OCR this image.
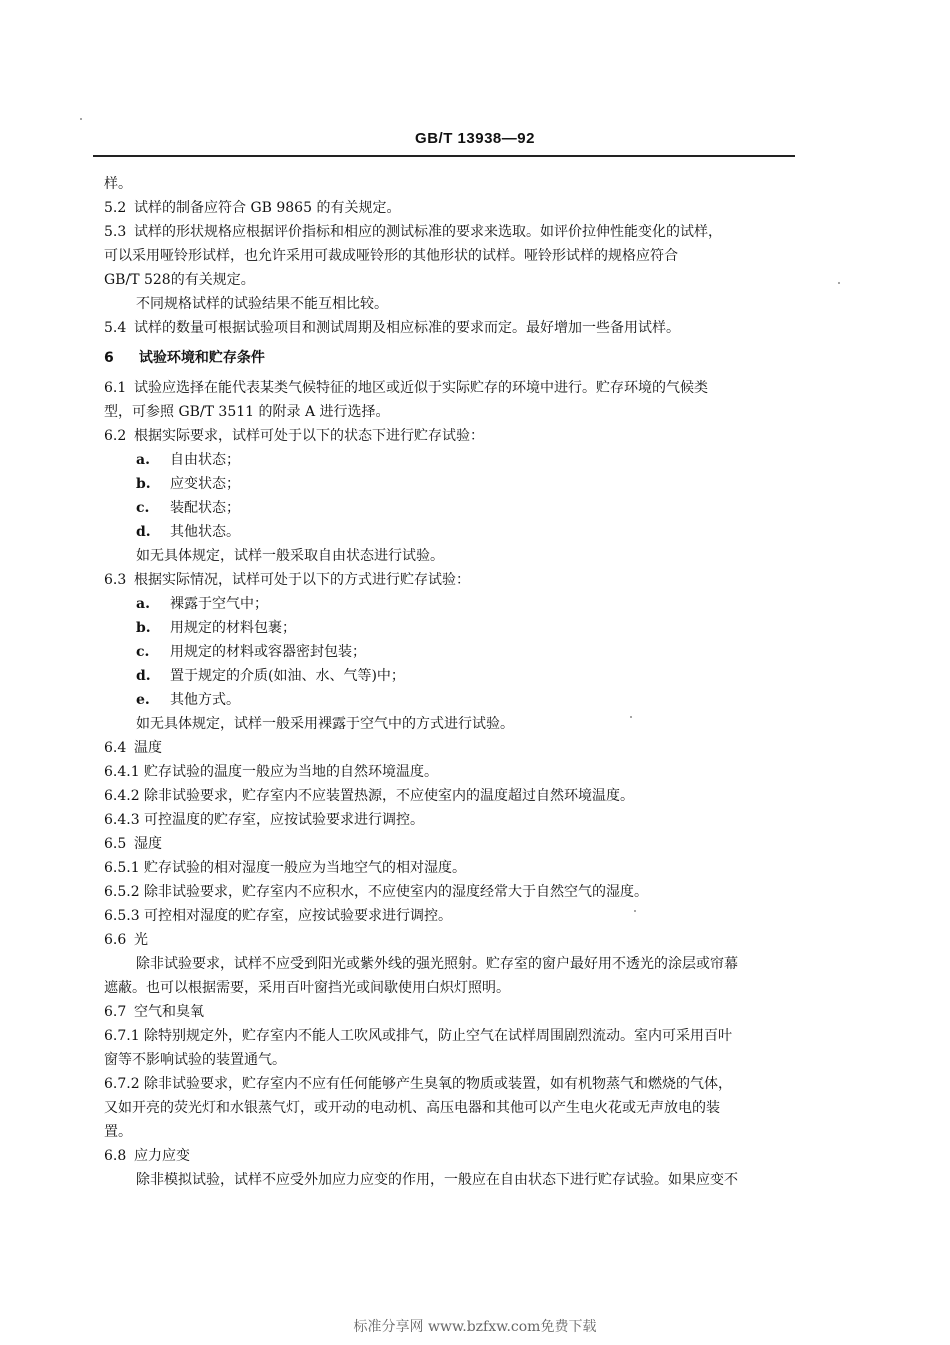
GB/T 13938—92
样。
5.2 试样的制备应符合 GB 9865 的有关规定。
5.3 试样的形状规格应根据评价指标和相应的测试标准的要求来选取。如评价拉伸性能变化的试样，
可以采用哑铃形试样，也允许采用可裁成哑铃形的其他形状的试样。哑铃形试样的规格应符合
GB/T 528的有关规定。
不同规格试样的试验结果不能互相比较。
5.4 试样的数量可根据试验项目和测试周期及相应标准的要求而定。最好增加一些备用试样。
6 试验环境和贮存条件
6.1 试验应选择在能代表某类气候特征的地区或近似于实际贮存的环境中进行。贮存环境的气候类
型，可参照 GB/T 3511 的附录 A 进行选择。
6.2 根据实际要求，试样可处于以下的状态下进行贮存试验：
a. 自由状态；
b. 应变状态；
c. 装配状态；
d. 其他状态。
如无具体规定，试样一般采取自由状态进行试验。
6.3 根据实际情况，试样可处于以下的方式进行贮存试验：
a. 裸露于空气中；
b. 用规定的材料包裹；
c. 用规定的材料或容器密封包装；
d. 置于规定的介质(如油、水、气等)中；
e. 其他方式。
如无具体规定，试样一般采用裸露于空气中的方式进行试验。
6.4 温度
6.4.1 贮存试验的温度一般应为当地的自然环境温度。
6.4.2 除非试验要求，贮存室内不应装置热源，不应使室内的温度超过自然环境温度。
6.4.3 可控温度的贮存室，应按试验要求进行调控。
6.5 湿度
6.5.1 贮存试验的相对湿度一般应为当地空气的相对湿度。
6.5.2 除非试验要求，贮存室内不应积水，不应使室内的湿度经常大于自然空气的湿度。
6.5.3 可控相对湿度的贮存室，应按试验要求进行调控。
6.6 光
除非试验要求，试样不应受到阳光或紫外线的强光照射。贮存室的窗户最好用不透光的涂层或帘幕
遮蔽。也可以根据需要，采用百叶窗挡光或间歇使用白炽灯照明。
6.7 空气和臭氧
6.7.1 除特别规定外，贮存室内不能人工吹风或排气，防止空气在试样周围剧烈流动。室内可采用百叶
窗等不影响试验的装置通气。
6.7.2 除非试验要求，贮存室内不应有任何能够产生臭氧的物质或装置，如有机物蒸气和燃烧的气体，
又如开亮的荧光灯和水银蒸气灯，或开动的电动机、高压电器和其他可以产生电火花或无声放电的装
置。
6.8 应力应变
除非模拟试验，试样不应受外加应力应变的作用，一般应在自由状态下进行贮存试验。如果应变不
标准分享网 www.bzfxw.com免费下载
